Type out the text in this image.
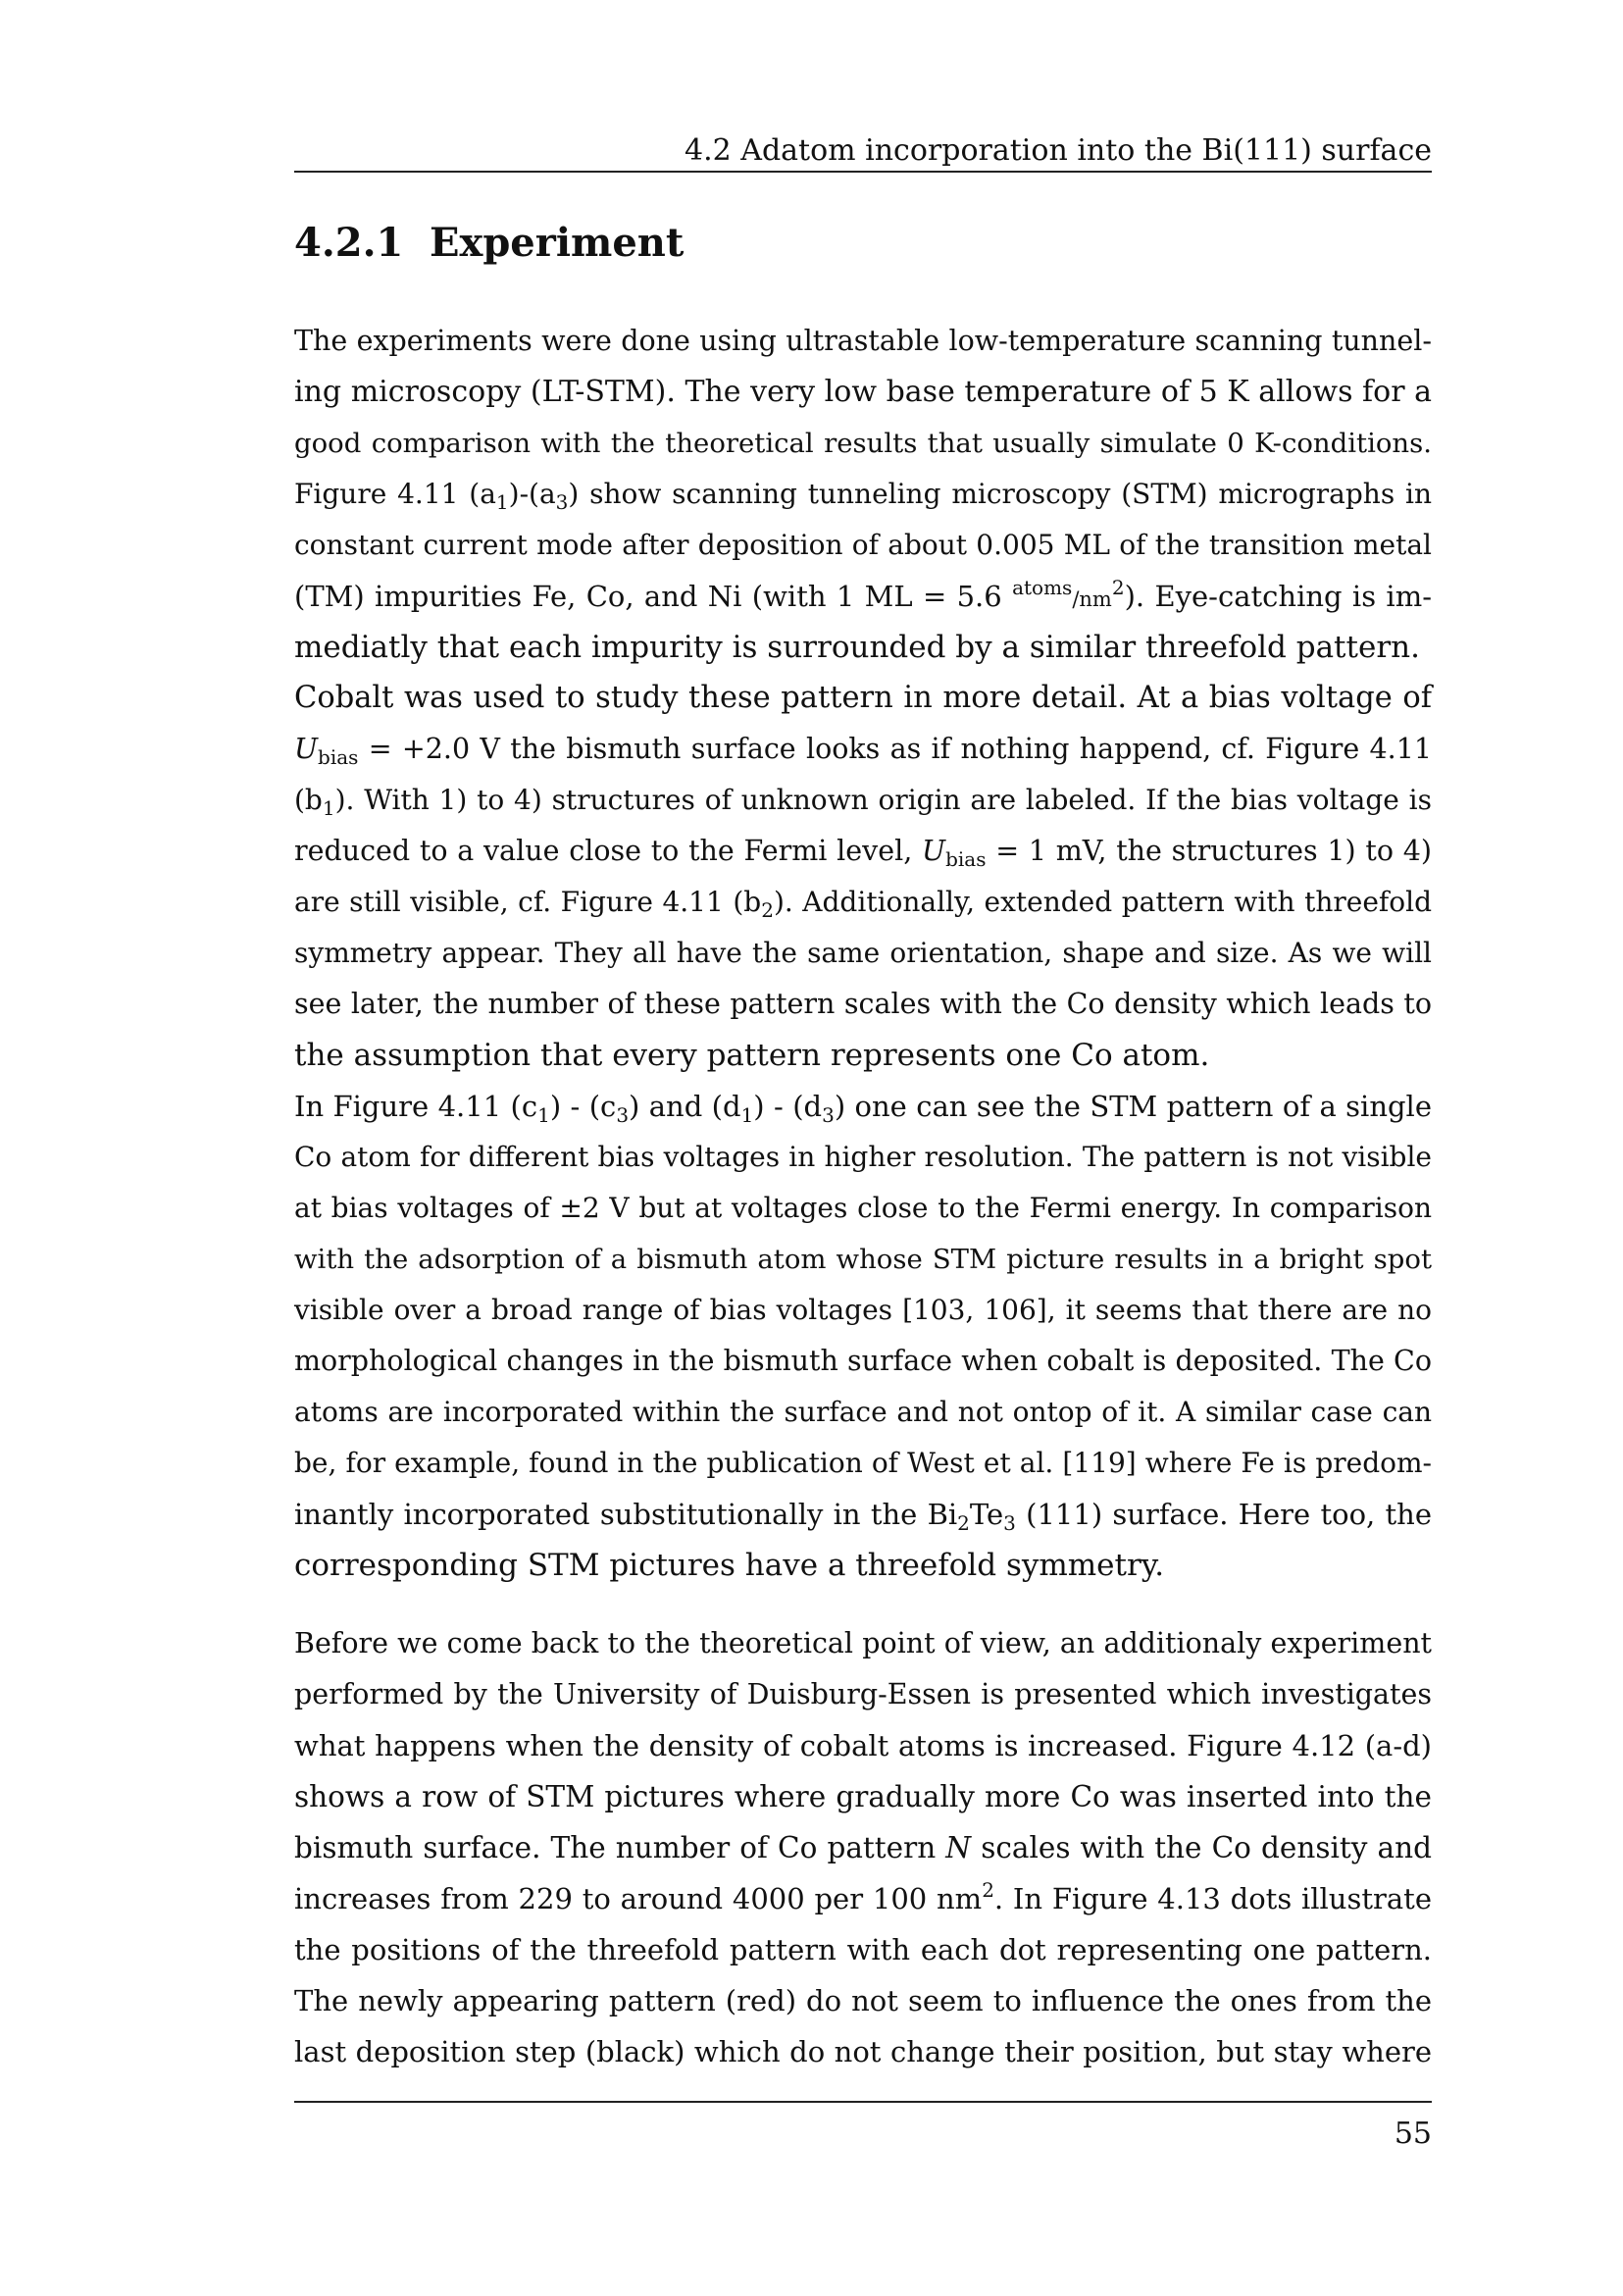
4.2 Adatom incorporation into the Bi(111) surface
4.2.1 Experiment
The experiments were done using ultrastable low-temperature scanning tunnel-
ing microscopy (LT-STM). The very low base temperature of 5 K allows for a
good comparison with the theoretical results that usually simulate 0 K-conditions.
Figure 4.11 $(a_1)-(a_3)$ show scanning tunneling microscopy (STM) micrographs in
constant current mode after deposition of about 0.005 ML of the transition metal
(TM) impurities Fe, Co, and Ni (with 1 ML = 5.6 $^{atoms}/nm^2$). Eye-catching is im-
mediatly that each impurity is surrounded by a similar threefold pattern.
Cobalt was used to study these pattern in more detail. At a bias voltage of
$U_{bias} = +2.0$ V the bismuth surface looks as if nothing happend, cf. Figure 4.11
$(b_1)$. With 1) to 4) structures of unknown origin are labeled. If the bias voltage is
reduced to a value close to the Fermi level, $U_{bias} = 1$ mV, the structures 1) to 4)
are still visible, cf. Figure 4.11 $(b_2)$. Additionally, extended pattern with threefold
symmetry appear. They all have the same orientation, shape and size. As we will
see later, the number of these pattern scales with the Co density which leads to
the assumption that every pattern represents one Co atom.
In Figure 4.11 $(c_1) - (c_3)$ and $(d_1) - (d_3)$ one can see the STM pattern of a single
Co atom for different bias voltages in higher resolution. The pattern is not visible
at bias voltages of ±2 V but at voltages close to the Fermi energy. In comparison
with the adsorption of a bismuth atom whose STM picture results in a bright spot
visible over a broad range of bias voltages [103, 106], it seems that there are no
morphological changes in the bismuth surface when cobalt is deposited. The Co
atoms are incorporated within the surface and not ontop of it. A similar case can
be, for example, found in the publication of West et al. [119] where Fe is predom-
inantly incorporated substitutionally in the $Bi_2Te_3$ (111) surface. Here too, the
corresponding STM pictures have a threefold symmetry.
Before we come back to the theoretical point of view, an additionaly experiment
performed by the University of Duisburg-Essen is presented which investigates
what happens when the density of cobalt atoms is increased. Figure 4.12 (a-d)
shows a row of STM pictures where gradually more Co was inserted into the
bismuth surface. The number of Co pattern N scales with the Co density and
increases from 229 to around 4000 per 100 $nm^2$. In Figure 4.13 dots illustrate
the positions of the threefold pattern with each dot representing one pattern.
The newly appearing pattern (red) do not seem to influence the ones from the
last deposition step (black) which do not change their position, but stay where
55
